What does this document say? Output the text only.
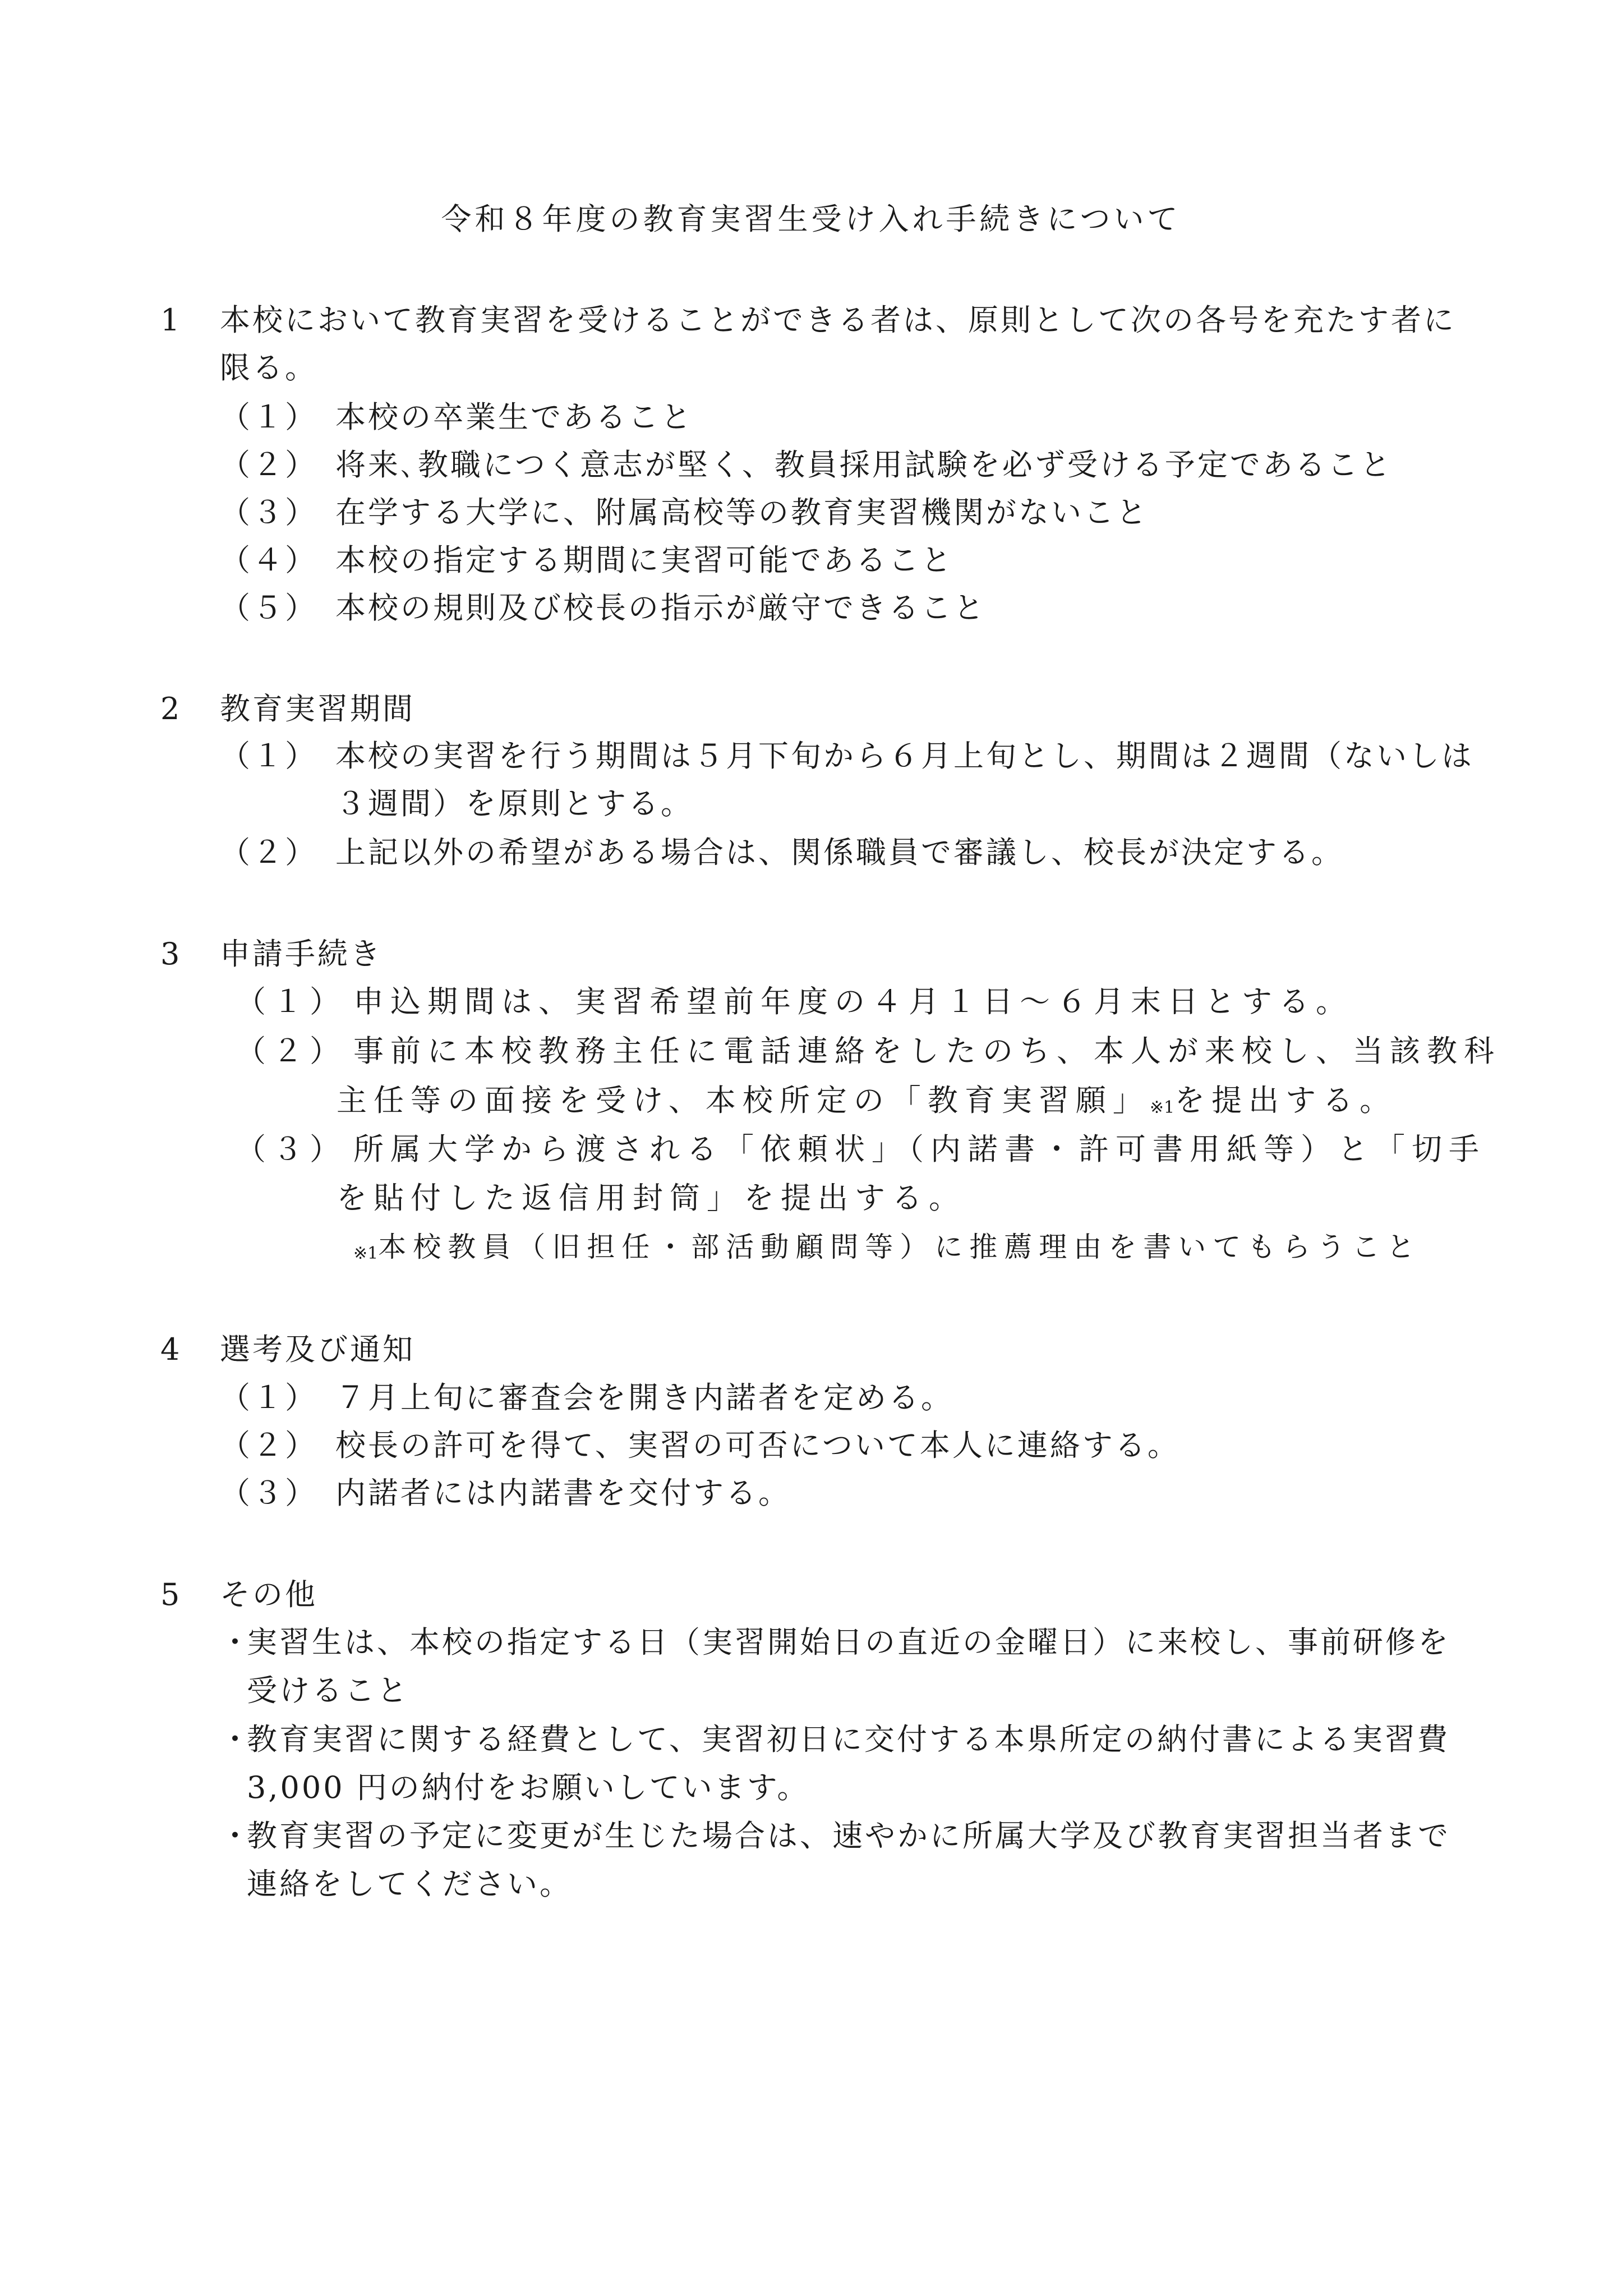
令和８年度の教育実習生受け入れ手続きについて
1 本校において教育実習を受けることができる者は、原則として次の各号を充たす者に
限る。
（１） 本校の卒業生であること
（２） 将来､教職につく意志が堅く、教員採用試験を必ず受ける予定であること
（３） 在学する大学に、附属高校等の教育実習機関がないこと
（４） 本校の指定する期間に実習可能であること
（５） 本校の規則及び校長の指示が厳守できること
2 教育実習期間
（１） 本校の実習を行う期間は５月下旬から６月上旬とし、期間は２週間（ないしは
３週間）を原則とする。
（２） 上記以外の希望がある場合は、関係職員で審議し、校長が決定する。
3 申請手続き
（１） 申込期間は、実習希望前年度の４月１日～６月末日とする。
（２） 事前に本校教務主任に電話連絡をしたのち、本人が来校し、当該教科
主任等の面接を受け、本校所定の「教育実習願」※1を提出する。
（３） 所属大学から渡される「依頼状」（内諾書・許可書用紙等）と「切手
を貼付した返信用封筒」を提出する。
※1本校教員（旧担任・部活動顧問等）に推薦理由を書いてもらうこと
4 選考及び通知
（１） ７月上旬に審査会を開き内諾者を定める。
（２） 校長の許可を得て、実習の可否について本人に連絡する。
（３） 内諾者には内諾書を交付する。
5 その他
・
実習生は、本校の指定する日（実習開始日の直近の金曜日）に来校し、事前研修を
受けること
・
教育実習に関する経費として、実習初日に交付する本県所定の納付書による実習費
3,000 円の納付をお願いしています。
・
教育実習の予定に変更が生じた場合は、速やかに所属大学及び教育実習担当者まで
連絡をしてください。
